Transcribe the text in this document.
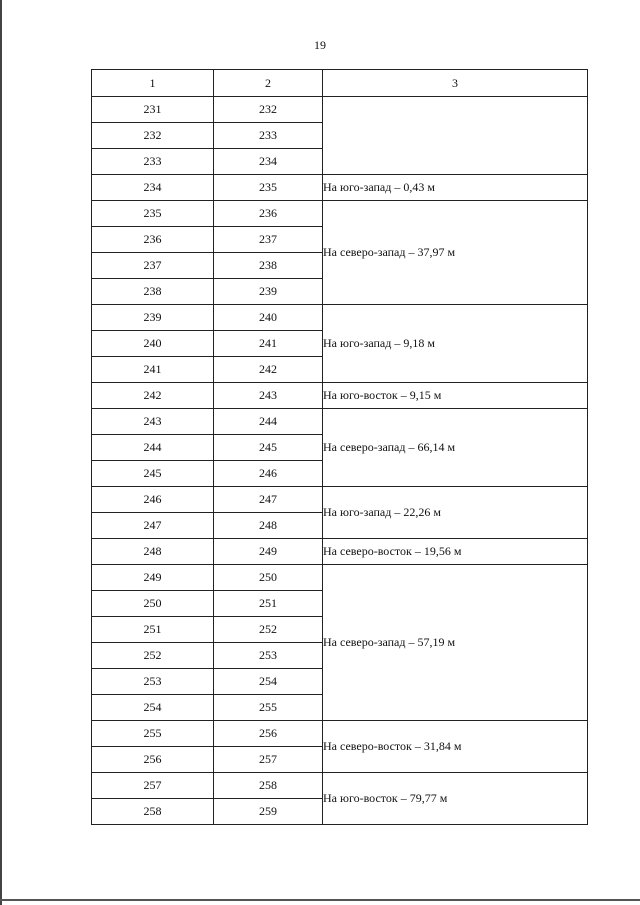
19
1	2	3
231	232	
232	233	
233	234	
234	235	На юго-запад – 0,43 м
235	236	На северо-запад – 37,97 м
236	237	
237	238	
238	239	
239	240	На юго-запад – 9,18 м
240	241	
241	242	
242	243	На юго-восток – 9,15 м
243	244	На северо-запад – 66,14 м
244	245	
245	246	
246	247	На юго-запад – 22,26 м
247	248	
248	249	На северо-восток – 19,56 м
249	250	На северо-запад – 57,19 м
250	251	
251	252	
252	253	
253	254	
254	255	
255	256	На северо-восток – 31,84 м
256	257	
257	258	На юго-восток – 79,77 м
258	259	
